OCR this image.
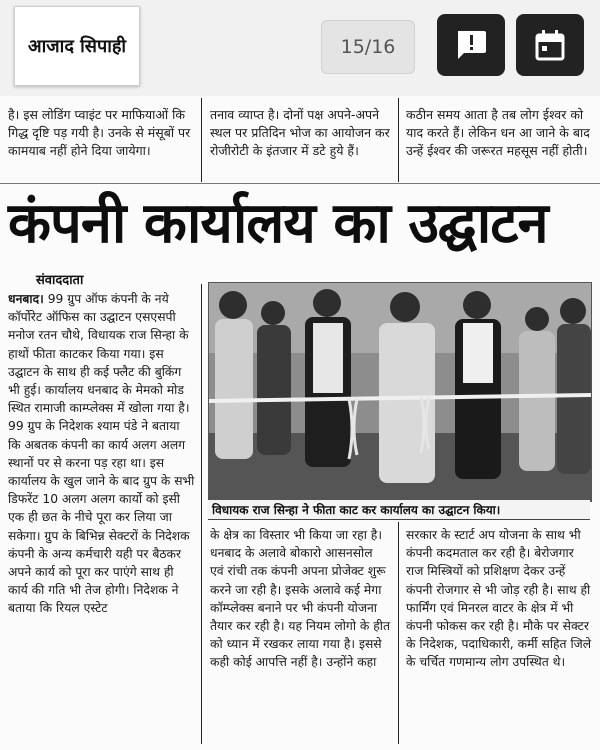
आजाद सिपाही	15/16

है। इस लोडिंग प्वाइंट पर माफियाओं कि गिद्ध दृष्टि पड़ गयी है। उनके से मंसूबों पर कामयाब नहीं होने दिया जायेगा।

तनाव व्याप्त है। दोनों पक्ष अपने-अपने स्थल पर प्रतिदिन भोज का आयोजन कर रोजीरोटी के इंतजार में डटे हुये हैं।

कठीन समय आता है तब लोग ईश्वर को याद करते हैं। लेकिन धन आ जाने के बाद उन्हें ईश्वर की जरूरत महसूस नहीं होती।

कंपनी कार्यालय का उद्घाटन
संवाददाता

धनबाद। 99 ग्रुप ऑफ कंपनी के नये कॉर्पोरेट ऑफिस का उद्घाटन एसएसपी मनोज रतन चौथे, विधायक राज सिन्हा के हाथों फीता काटकर किया गया। इस उद्घाटन के साथ ही कई फ्लैट की बुकिंग भी हुई। कार्यालय धनबाद के मेमको मोड स्थित रामाजी काम्प्लेक्स में खोला गया है। 99 ग्रुप के निदेशक श्याम पंडे ने बताया कि अबतक कंपनी का कार्य अलग अलग स्थानों पर से करना पड़ रहा था। इस कार्यालय के खुल जाने के बाद ग्रुप के सभी डिफरेंट 10 अलग अलग कार्यो को इसी एक ही छत के नीचे पूरा कर लिया जा सकेगा। ग्रुप के बिभिन्न सेक्टरों के निदेशक कंपनी के अन्य कर्मचारी यही पर बैठकर अपने कार्य को पूरा कर पाएंगे साथ ही कार्य की गति भी तेज होगी। निदेशक ने बताया कि रियल एस्टेट

विधायक राज सिन्हा ने फीता काट कर कार्यालय का उद्घाटन किया।

के क्षेत्र का विस्तार भी किया जा रहा है। धनबाद के अलावे बोकारो आसनसोल एवं रांची तक कंपनी अपना प्रोजेक्ट शुरू करने जा रही है। इसके अलावे कई मेगा कॉम्प्लेक्स बनाने पर भी कंपनी योजना तैयार कर रही है। यह नियम लोगो के हीत को ध्यान में रखकर लाया गया है। इससे कही कोई आपत्ति नहीं है। उन्होंने कहा

सरकार के स्टार्ट अप योजना के साथ भी कंपनी कदमताल कर रही है। बेरोजगार राज मिस्त्रियों को प्रशिक्षण देकर उन्हें कंपनी रोजगार से भी जोड़ रही है। साथ ही फार्मिंग एवं मिनरल वाटर के क्षेत्र में भी कंपनी फोकस कर रही है। मौके पर सेक्टर के निदेशक, पदाधिकारी, कर्मी सहित जिले के चर्चित गणमान्य लोग उपस्थित थे।
